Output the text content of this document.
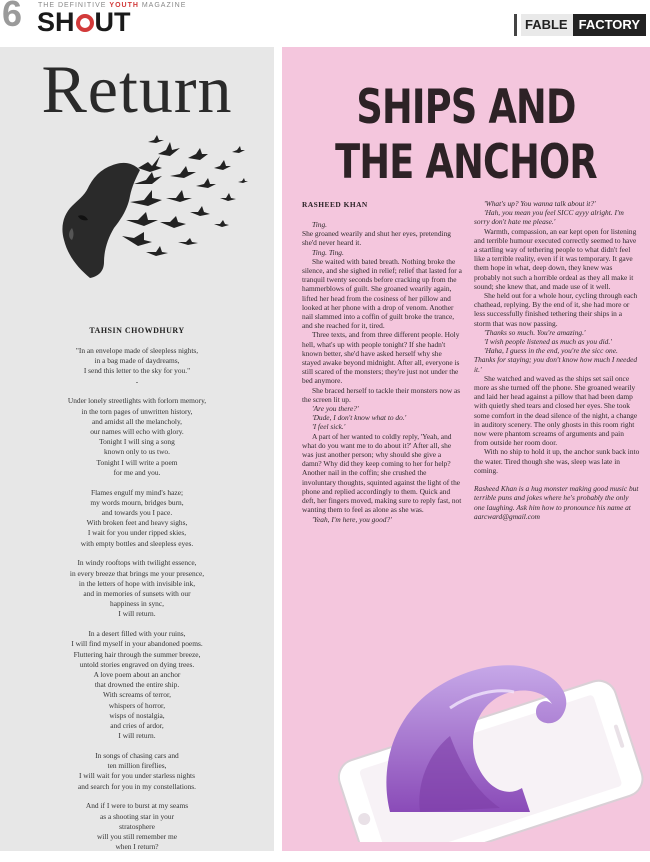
6 THE DEFINITIVE YOUTH MAGAZINE
SH UT	FABLE FACTORY
Return
TAHSIN CHOWDHURY

"In an envelope made of sleepless nights,
in a bag made of daydreams,
I send this letter to the sky for you."
-

Under lonely streetlights with forlorn memory,
in the torn pages of unwritten history,
and amidst all the melancholy,
our names will echo with glory.
Tonight I will sing a song
known only to us two.
Tonight I will write a poem
for me and you.

Flames engulf my mind's haze;
my words mourn, bridges burn,
and towards you I pace.
With broken feet and heavy sighs,
I wait for you under ripped skies,
with empty bottles and sleepless eyes.

In windy rooftops with twilight essence,
in every breeze that brings me your presence,
in the letters of hope with invisible ink,
and in memories of sunsets with our
happiness in sync,
I will return.

In a desert filled with your ruins,
I will find myself in your abandoned poems.
Fluttering hair through the summer breeze,
untold stories engraved on dying trees.
A love poem about an anchor
that drowned the entire ship.
With screams of terror,
whispers of horror,
wisps of nostalgia,
and cries of ardor,
I will return.

In songs of chasing cars and
ten million fireflies,
I will wait for you under starless nights
and search for you in my constellations.

And if I were to burst at my seams
as a shooting star in your
stratosphere
will you still remember me
when I return?

SHIPS AND
THE ANCHOR
RASHEED KHAN

Ting.

She groaned wearily and shut her eyes, pretending she'd never heard it.

Ting. Ting.

She waited with bated breath. Nothing broke the silence, and she sighed in relief; relief that lasted for a tranquil twenty seconds before cracking up from the hammerblows of guilt. She groaned wearily again, lifted her head from the cosiness of her pillow and looked at her phone with a drop of venom. Another nail slammed into a coffin of guilt broke the trance, and she reached for it, tired.

Three texts, and from three different people. Holy hell, what's up with people tonight? If she hadn't known better, she'd have asked herself why she stayed awake beyond midnight. After all, everyone is still scared of the monsters; they're just not under the bed anymore.

She braced herself to tackle their monsters now as the screen lit up.

'Are you there?'

'Dude, I don't know what to do.'

'I feel sick.'

A part of her wanted to coldly reply, 'Yeah, and what do you want me to do about it?' After all, she was just another person; why should she give a damn? Why did they keep coming to her for help? Another nail in the coffin; she crushed the involuntary thoughts, squinted against the light of the phone and replied accordingly to them. Quick and deft, her fingers moved, making sure to reply fast, not wanting them to feel as alone as she was.

'Yeah, I'm here, you good?'

'What's up? You wanna talk about it?'

'Hah, you mean you feel SICC ayyy alright. I'm sorry don't hate me please.'

Warmth, compassion, an ear kept open for listening and terrible humour executed correctly seemed to have a startling way of tethering people to what didn't feel like a terrible reality, even if it was temporary. It gave them hope in what, deep down, they knew was probably not such a horrible ordeal as they all make it sound; she knew that, and made use of it well.

She held out for a whole hour, cycling through each chathead, replying. By the end of it, she had more or less successfully finished tethering their ships in a storm that was now passing.

'Thanks so much. You're amazing.'

'I wish people listened as much as you did.'

'Haha, I guess in the end, you're the sicc one. Thanks for staying; you don't know how much I needed it.'

She watched and waved as the ships set sail once more as she turned off the phone. She groaned wearily and laid her head against a pillow that had been damp with quietly shed tears and closed her eyes. She took some comfort in the dead silence of the night, a change in auditory scenery. The only ghosts in this room right now were phantom screams of arguments and pain from outside her room door.

With no ship to hold it up, the anchor sunk back into the water. Tired though she was, sleep was late in coming.

Rasheed Khan is a hug monster making good music but terrible puns and jokes where he's probably the only one laughing. Ask him how to pronounce his name at aarcward@gmail.com
